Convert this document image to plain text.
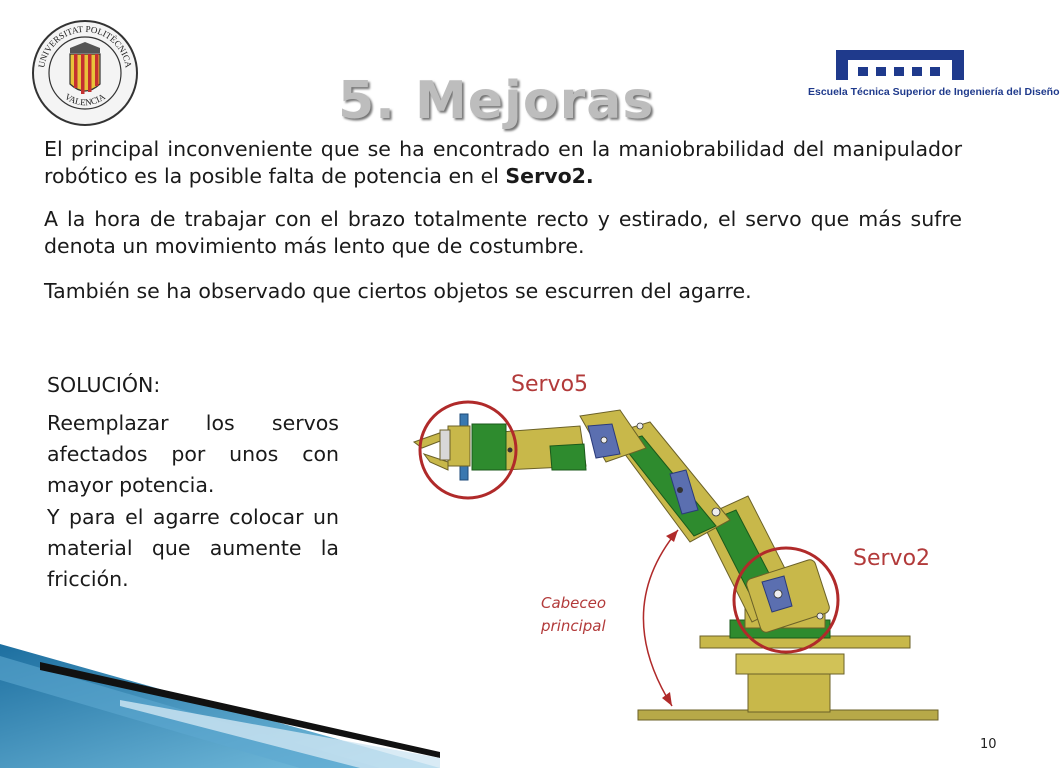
UNIVERSITAT POLITÈCNICA
VALENCIA	5. Mejoras	Escuela Técnica Superior de Ingeniería del Diseño

El principal inconveniente que se ha encontrado en la maniobrabilidad del manipulador robótico es la posible falta de potencia en el Servo2.

A la hora de trabajar con el brazo totalmente recto y estirado, el servo que más sufre denota un movimiento más lento que de costumbre.

También se ha observado que ciertos objetos se escurren del agarre.

SOLUCIÓN:

Reemplazar los servos afectados por unos con mayor potencia.

Y para el agarre colocar un material que aumente la fricción.

Servo5
Servo2
Cabeceo
principal
10
